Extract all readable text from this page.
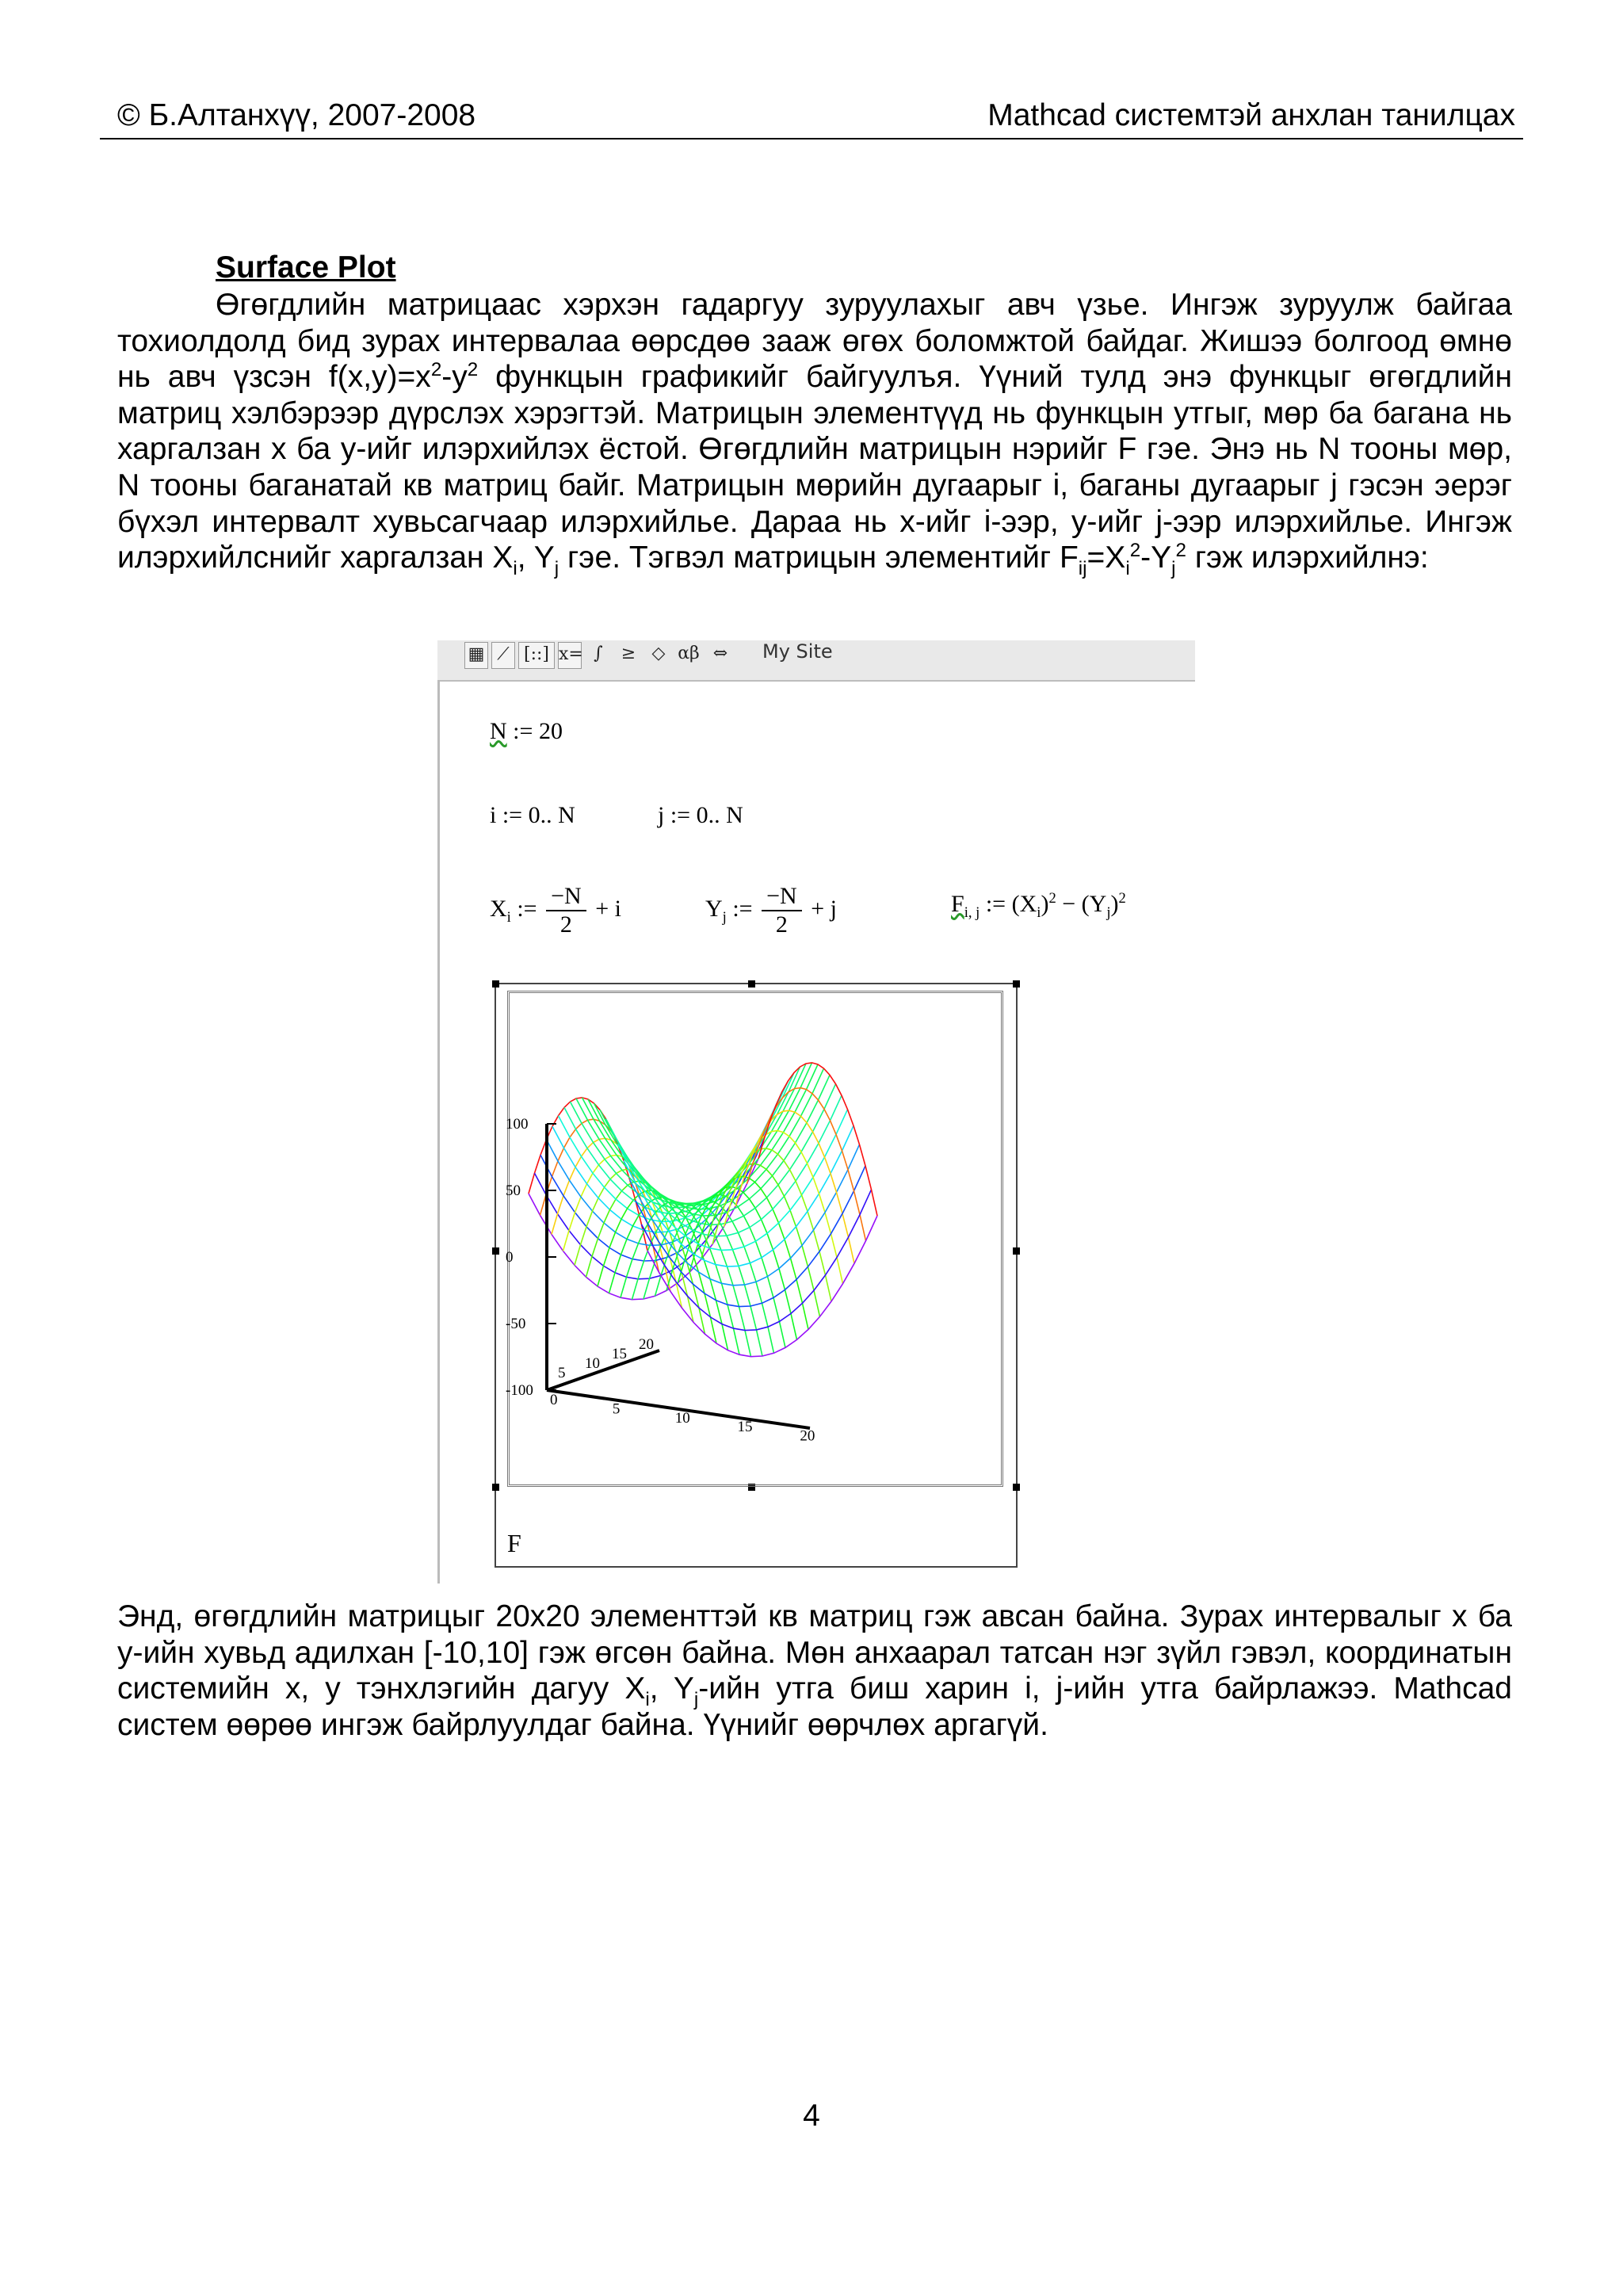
© Б.Алтанхүү, 2007-2008	Mathcad системтэй анхлан танилцах
Surface Plot

Өгөгдлийн матрицаас хэрхэн гадаргуу зуруулахыг авч үзье. Ингэж зуруулж байгаа тохиолдолд бид зурах интервалаа өөрсдөө зааж өгөх боломжтой байдаг. Жишээ болгоод өмнө нь авч үзсэн $f(x,y)=x^2-y^2$ функцын графикийг байгуулъя. Үүний тулд энэ функцыг өгөгдлийн матриц хэлбэрээр дүрслэх хэрэгтэй. Матрицын элементүүд нь функцын утгыг, мөр ба багана нь харгалзан x ба y-ийг илэрхийлэх ёстой. Өгөгдлийн матрицын нэрийг F гэе. Энэ нь N тооны мөр, N тооны баганатай кв матриц байг. Матрицын мөрийн дугаарыг i, баганы дугаарыг j гэсэн эерэг бүхэл интервалт хувьсагчаар илэрхийлье. Дараа нь x-ийг i-ээр, y-ийг j-ээр илэрхийлье. Ингэж илэрхийлснийг харгалзан $X_i$, $Y_j$ гэе. Тэгвэл матрицын элементийг $F_{ij}=X_i^2-Y_j^2$ гэж илэрхийлнэ:

▦ ⟋ [::] x= ∫	≥ ◇ αβ ⇔	My Site
N := 20
i := 0.. N	j := 0.. N
$X_i$ := $\frac{-N}{2} + i$	$Y_j$ := $\frac{-N}{2} + j$	$F_{i, j}$ := $(X_i)^2 - (Y_j)^2$
100
50
0
-50
-100
0
5
10
15
20
5
10
15
20
F

Энд, өгөгдлийн матрицыг 20x20 элементтэй кв матриц гэж авсан байна. Зурах интервалыг x ба y-ийн хувьд адилхан [-10,10] гэж өгсөн байна. Мөн анхаарал татсан нэг зүйл гэвэл, координатын системийн x, y тэнхлэгийн дагуу $X_i$, $Y_j$-ийн утга биш харин i, j-ийн утга байрлажээ. Mathcad систем өөрөө ингэж байрлуулдаг байна. Үүнийг өөрчлөх аргагүй.

4
